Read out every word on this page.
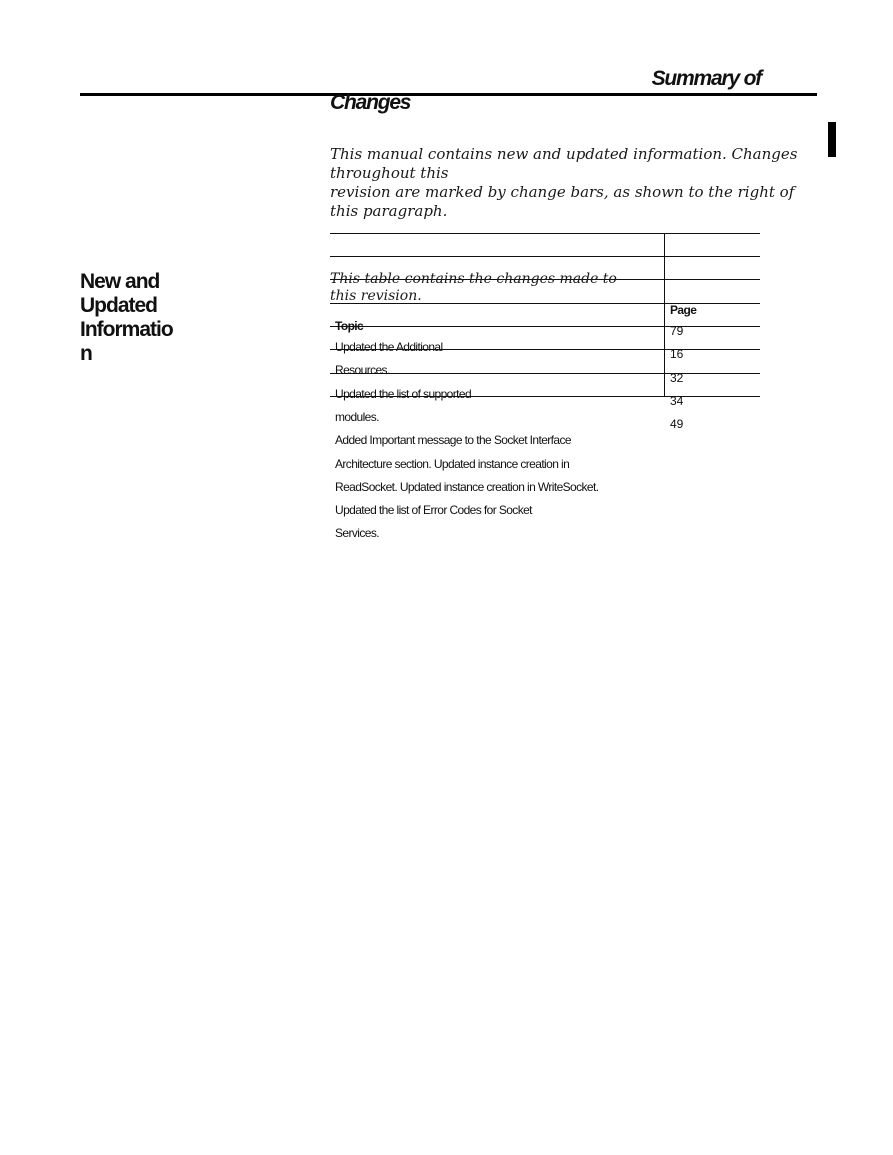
Summary of
Changes
This manual contains new and updated information. Changes
throughout this
revision are marked by change bars, as shown to the right of
this paragraph.
New and
Updated
Informatio
n
This table contains the changes made to
this revision.
Topic
Page
Updated the Additional
Resources.
Updated the list of supported
modules.
Added Important message to the Socket Interface
Architecture section. Updated instance creation in
ReadSocket. Updated instance creation in WriteSocket.
Updated the list of Error Codes for Socket
Services.
79
16
32
34
49
